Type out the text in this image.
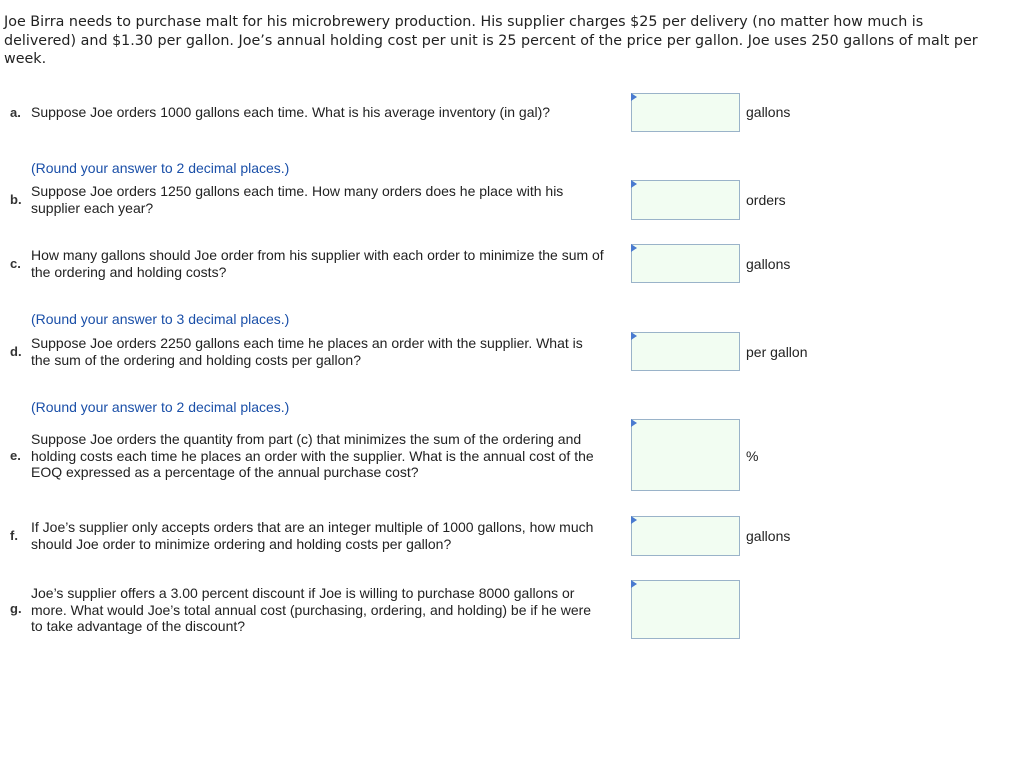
Joe Birra needs to purchase malt for his microbrewery production. His supplier charges $25 per delivery (no matter how much is delivered) and $1.30 per gallon. Joe’s annual holding cost per unit is 25 percent of the price per gallon. Joe uses 250 gallons of malt per week.
a. Suppose Joe orders 1000 gallons each time. What is his average inventory (in gal)?	gallons
(Round your answer to 2 decimal places.)
b.
Suppose Joe orders 1250 gallons each time. How many orders does he place with his supplier each year?	orders
c.
How many gallons should Joe order from his supplier with each order to minimize the sum of the ordering and holding costs?	gallons
(Round your answer to 3 decimal places.)
d.
Suppose Joe orders 2250 gallons each time he places an order with the supplier. What is the sum of the ordering and holding costs per gallon?	per gallon
(Round your answer to 2 decimal places.)
e.
Suppose Joe orders the quantity from part (c) that minimizes the sum of the ordering and holding costs each time he places an order with the supplier. What is the annual cost of the EOQ expressed as a percentage of the annual purchase cost?
%
f.
If Joe’s supplier only accepts orders that are an integer multiple of 1000 gallons, how much should Joe order to minimize ordering and holding costs per gallon?	gallons
g.
Joe’s supplier offers a 3.00 percent discount if Joe is willing to purchase 8000 gallons or more. What would Joe’s total annual cost (purchasing, ordering, and holding) be if he were to take advantage of the discount?
